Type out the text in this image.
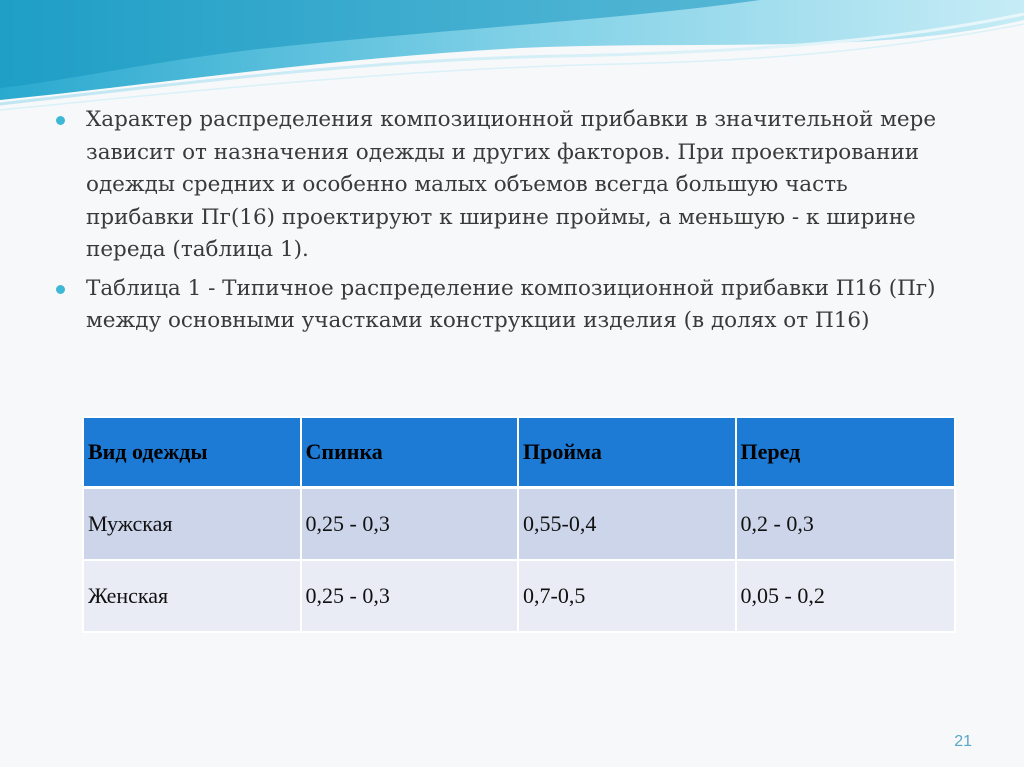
Характер распределения композиционной прибавки в значительной мере зависит от назначения одежды и других факторов. При проектировании одежды средних и особенно малых объемов всегда большую часть прибавки Пг(16) проектируют к ширине проймы, а меньшую - к ширине переда (таблица 1).
Таблица 1 - Типичное распределение композиционной прибавки П16 (Пг) между основными участками конструкции изделия (в долях от П16)
Вид одежды	Спинка	Пройма	Перед
Мужская	0,25 - 0,3	0,55-0,4	0,2 - 0,3
Женская	0,25 - 0,3	0,7-0,5	0,05 - 0,2
21
